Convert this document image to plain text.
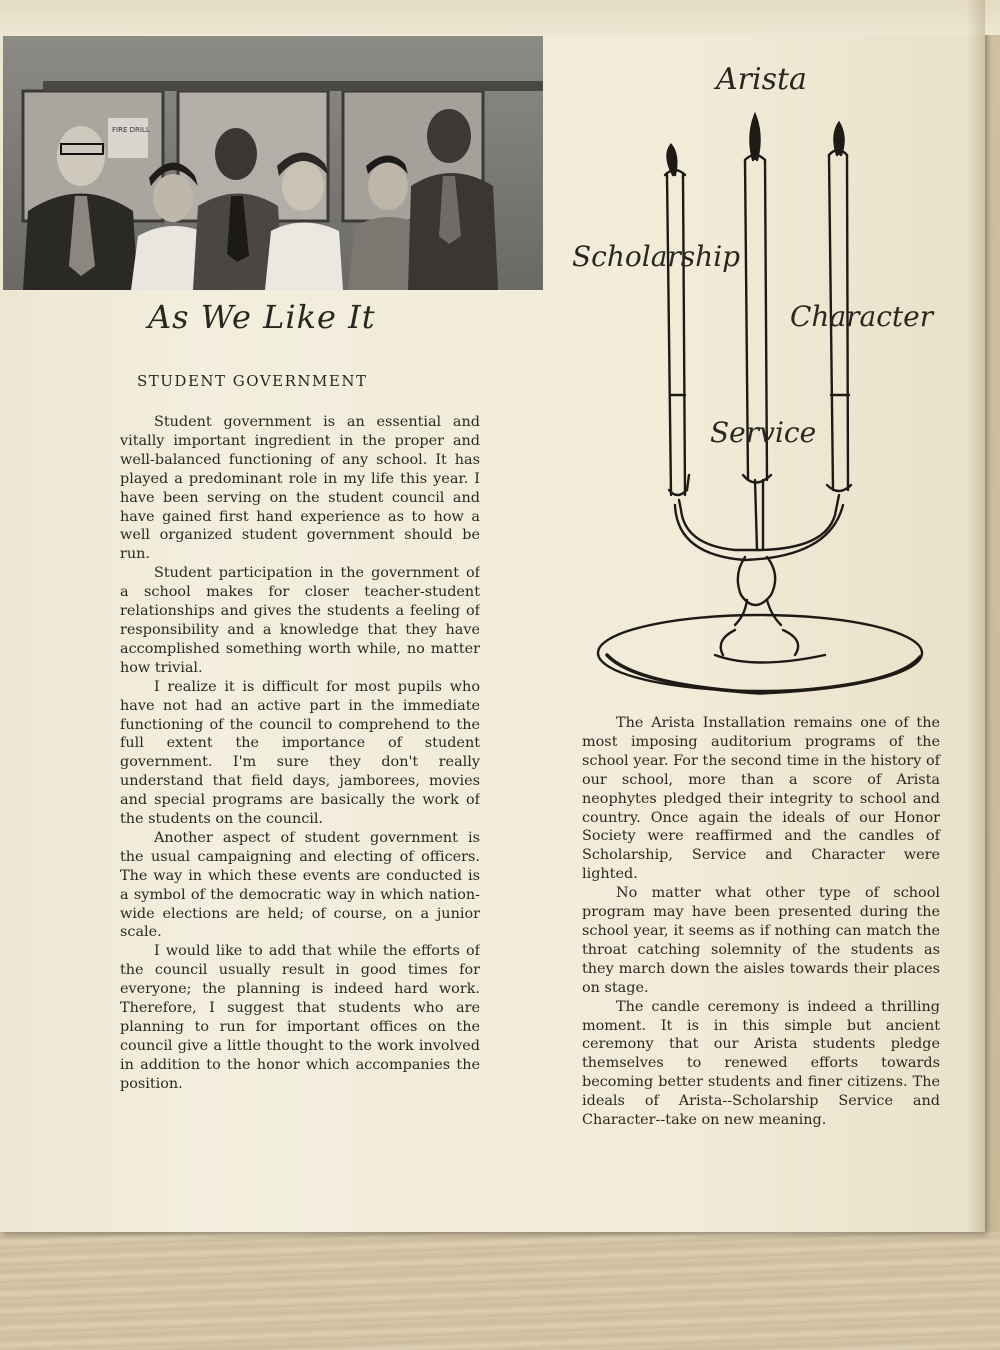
FIRE DRILL
As We Like It
STUDENT GOVERNMENT

Student government is an essential and vitally important ingredient in the proper and well-balanced functioning of any school. It has played a predominant role in my life this year. I have been serving on the student council and have gained first hand experience as to how a well organized student government should be run.

Student participation in the government of a school makes for closer teacher-student relationships and gives the students a feeling of responsibility and a knowledge that they have accomplished something worth while, no matter how trivial.

I realize it is difficult for most pupils who have not had an active part in the immediate functioning of the council to comprehend to the full extent the importance of student government. I'm sure they don't really understand that field days, jamborees, movies and special programs are basically the work of the students on the council.

Another aspect of student government is the usual campaigning and electing of officers. The way in which these events are conducted is a symbol of the democratic way in which nation-wide elections are held; of course, on a junior scale.

I would like to add that while the efforts of the council usually result in good times for everyone; the planning is indeed hard work. Therefore, I suggest that students who are planning to run for important offices on the council give a little thought to the work involved in addition to the honor which accompanies the position.

Arista
Scholarship
Character
Service

The Arista Installation remains one of the most imposing auditorium programs of the school year. For the second time in the history of our school, more than a score of Arista neophytes pledged their integrity to school and country. Once again the ideals of our Honor Society were reaffirmed and the candles of Scholarship, Service and Character were lighted.

No matter what other type of school program may have been presented during the school year, it seems as if nothing can match the throat catching solemnity of the students as they march down the aisles towards their places on stage.

The candle ceremony is indeed a thrilling moment. It is in this simple but ancient ceremony that our Arista students pledge themselves to renewed efforts towards becoming better students and finer citizens. The ideals of Arista--Scholarship Service and Character--take on new meaning.
